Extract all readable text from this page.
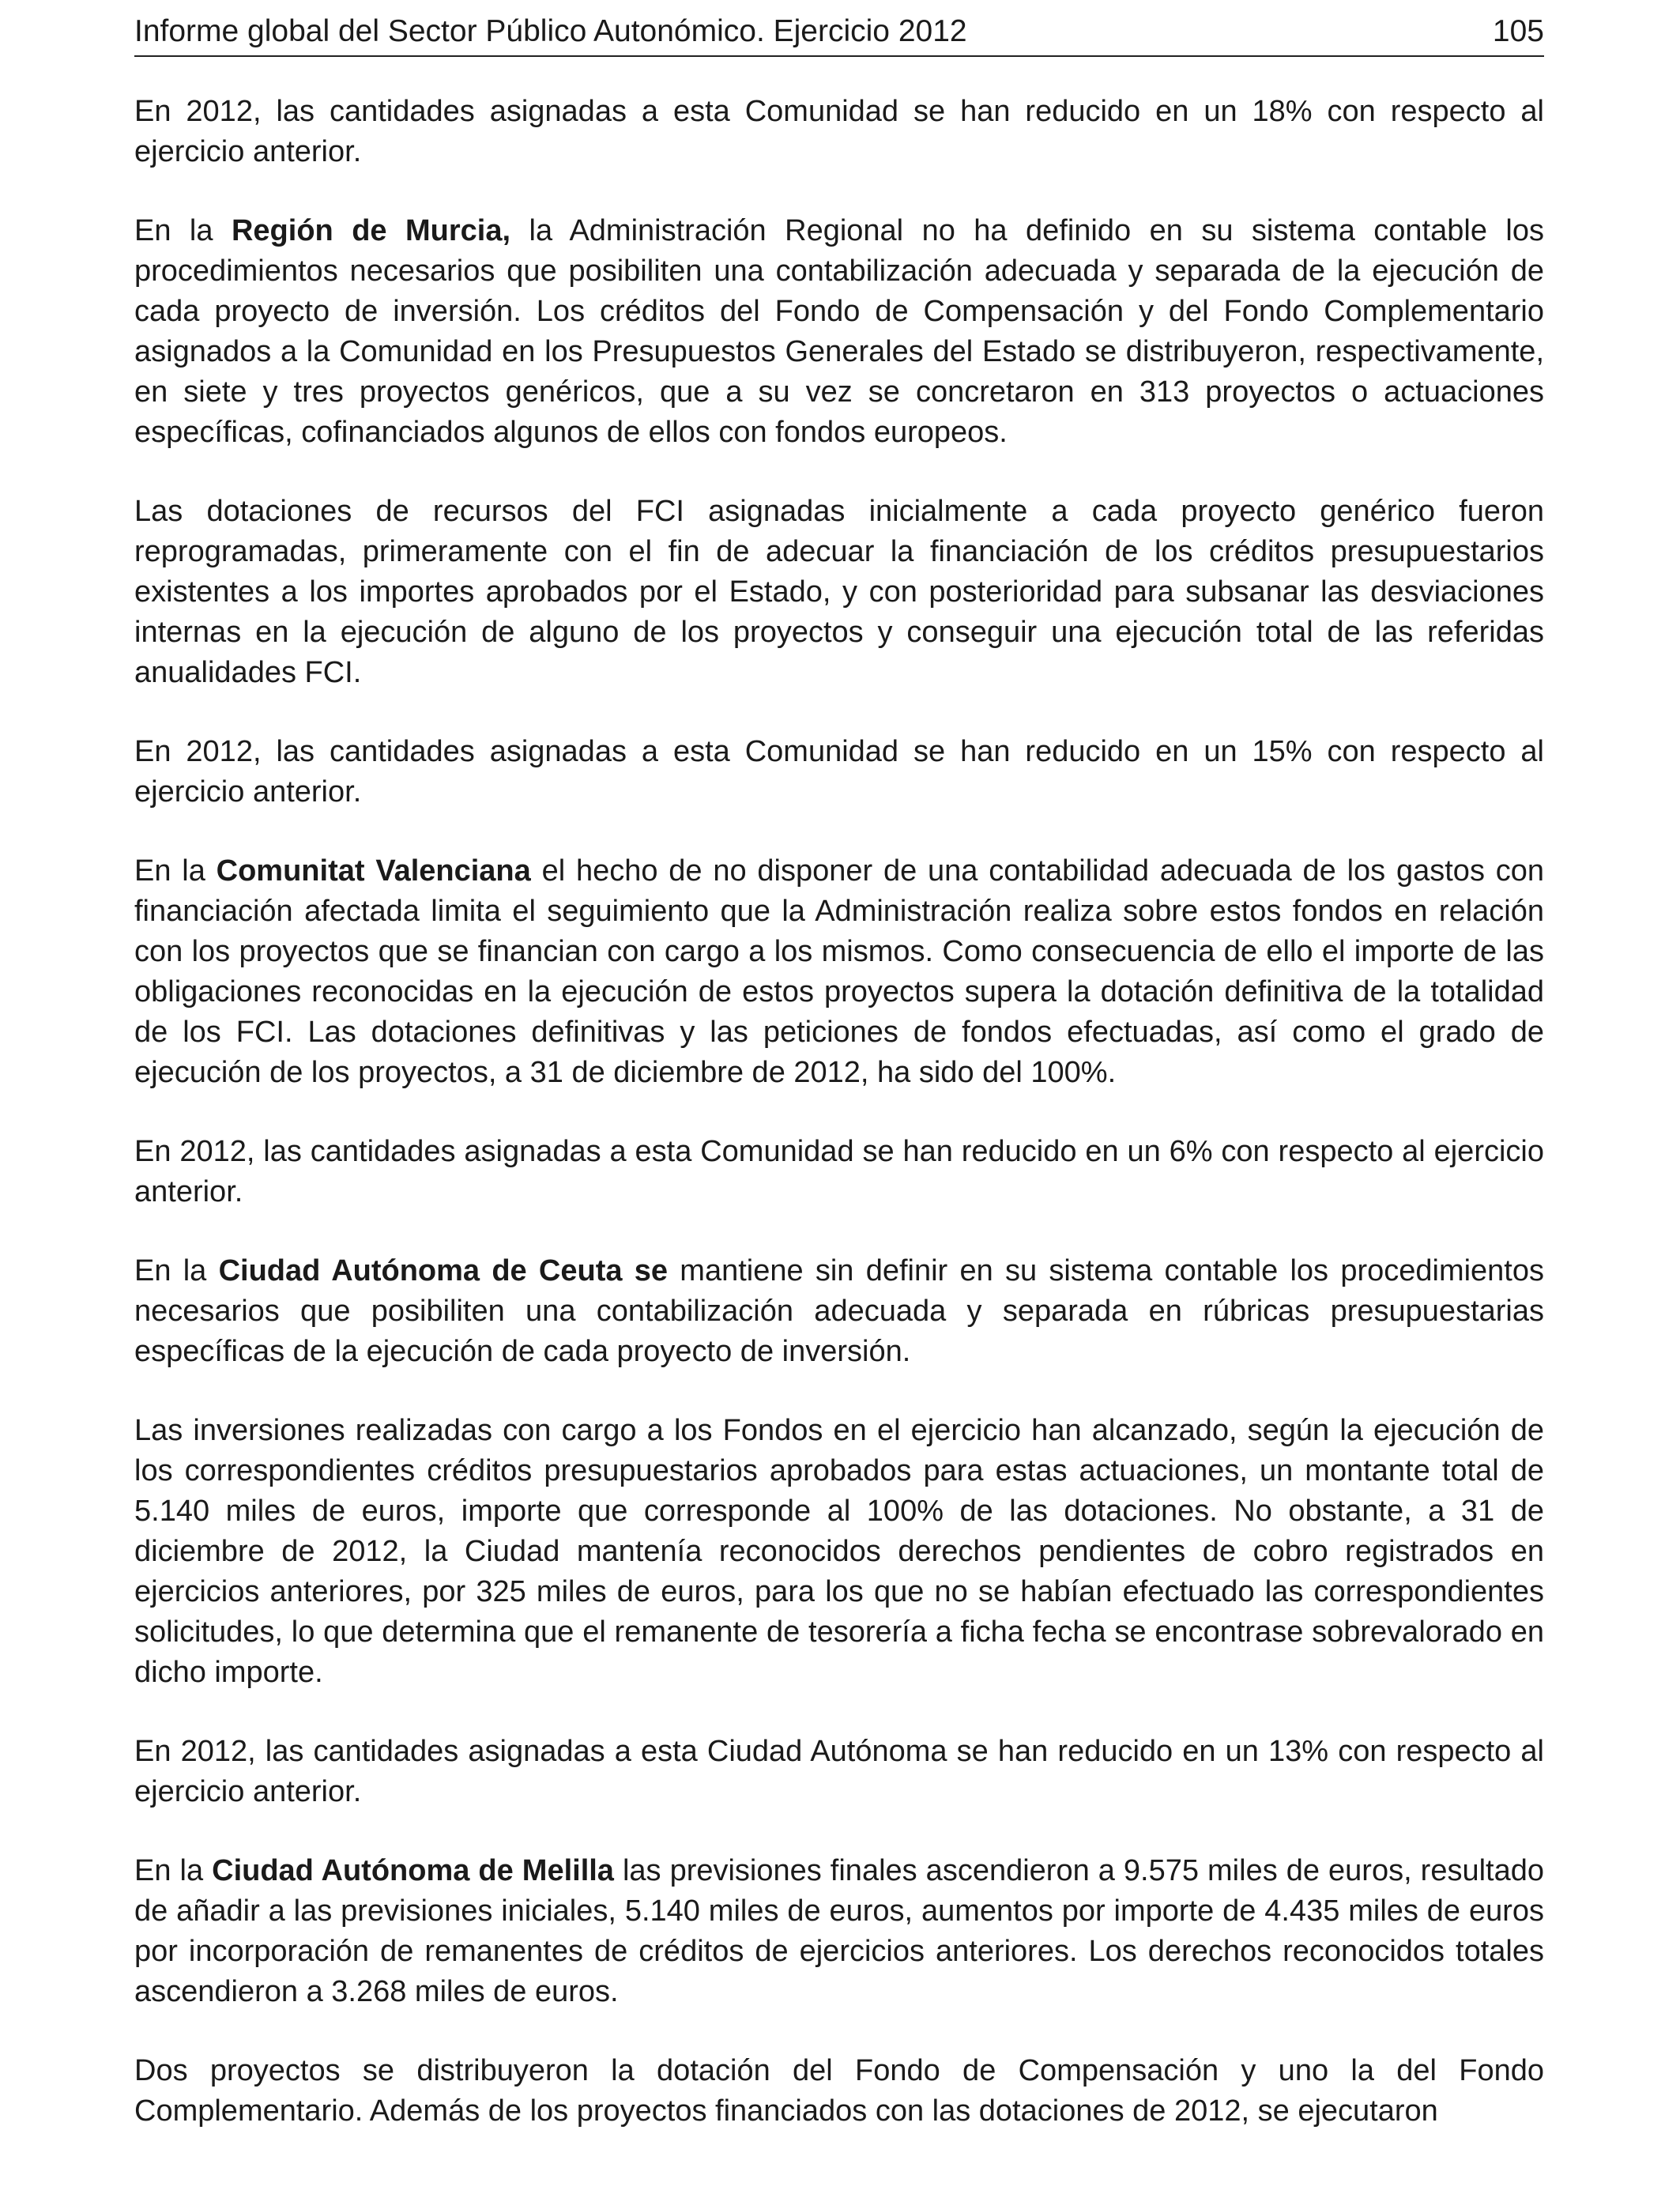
Informe global del Sector Público Autonómico. Ejercicio 2012	105

En 2012, las cantidades asignadas a esta Comunidad se han reducido en un 18% con respecto al ejercicio anterior.

En la Región de Murcia, la Administración Regional no ha definido en su sistema contable los procedimientos necesarios que posibiliten una contabilización adecuada y separada de la ejecución de cada proyecto de inversión. Los créditos del Fondo de Compensación y del Fondo Complementario asignados a la Comunidad en los Presupuestos Generales del Estado se distribuyeron, respectivamente, en siete y tres proyectos genéricos, que a su vez se concretaron en 313 proyectos o actuaciones específicas, cofinanciados algunos de ellos con fondos europeos.

Las dotaciones de recursos del FCI asignadas inicialmente a cada proyecto genérico fueron reprogramadas, primeramente con el fin de adecuar la financiación de los créditos presupuestarios existentes a los importes aprobados por el Estado, y con posterioridad para subsanar las desviaciones internas en la ejecución de alguno de los proyectos y conseguir una ejecución total de las referidas anualidades FCI.

En 2012, las cantidades asignadas a esta Comunidad se han reducido en un 15% con respecto al ejercicio anterior.

En la Comunitat Valenciana el hecho de no disponer de una contabilidad adecuada de los gastos con financiación afectada limita el seguimiento que la Administración realiza sobre estos fondos en relación con los proyectos que se financian con cargo a los mismos. Como consecuencia de ello el importe de las obligaciones reconocidas en la ejecución de estos proyectos supera la dotación definitiva de la totalidad de los FCI. Las dotaciones definitivas y las peticiones de fondos efectuadas, así como el grado de ejecución de los proyectos, a 31 de diciembre de 2012, ha sido del 100%.

En 2012, las cantidades asignadas a esta Comunidad se han reducido en un 6% con respecto al ejercicio anterior.

En la Ciudad Autónoma de Ceuta se mantiene sin definir en su sistema contable los procedimientos necesarios que posibiliten una contabilización adecuada y separada en rúbricas presupuestarias específicas de la ejecución de cada proyecto de inversión.

Las inversiones realizadas con cargo a los Fondos en el ejercicio han alcanzado, según la ejecución de los correspondientes créditos presupuestarios aprobados para estas actuaciones, un montante total de 5.140 miles de euros, importe que corresponde al 100% de las dotaciones. No obstante, a 31 de diciembre de 2012, la Ciudad mantenía reconocidos derechos pendientes de cobro registrados en ejercicios anteriores, por 325 miles de euros, para los que no se habían efectuado las correspondientes solicitudes, lo que determina que el remanente de tesorería a ficha fecha se encontrase sobrevalorado en dicho importe.

En 2012, las cantidades asignadas a esta Ciudad Autónoma se han reducido en un 13% con respecto al ejercicio anterior.

En la Ciudad Autónoma de Melilla las previsiones finales ascendieron a 9.575 miles de euros, resultado de añadir a las previsiones iniciales, 5.140 miles de euros, aumentos por importe de 4.435 miles de euros por incorporación de remanentes de créditos de ejercicios anteriores. Los derechos reconocidos totales ascendieron a 3.268 miles de euros.

Dos proyectos se distribuyeron la dotación del Fondo de Compensación y uno la del Fondo Complementario. Además de los proyectos financiados con las dotaciones de 2012, se ejecutaron
